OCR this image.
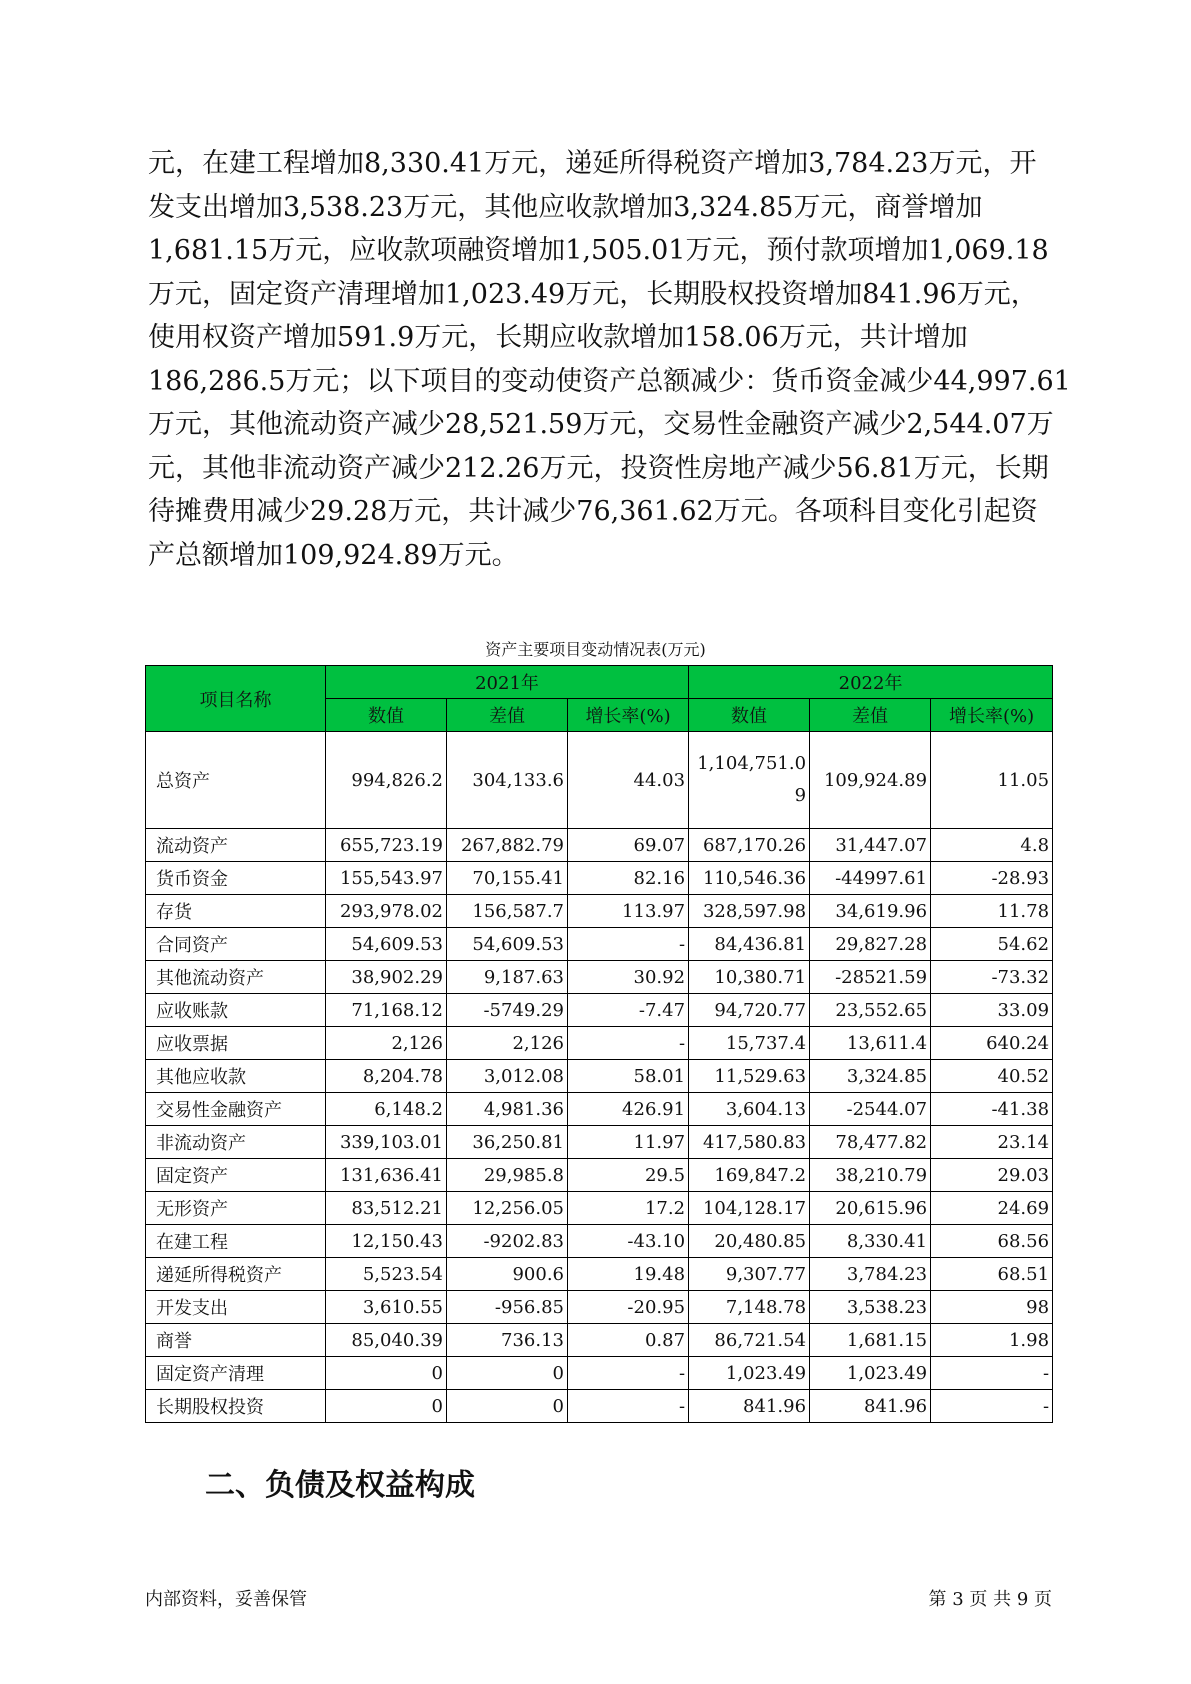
元，在建工程增加8,330.41万元，递延所得税资产增加3,784.23万元，开
发支出增加3,538.23万元，其他应收款增加3,324.85万元，商誉增加
1,681.15万元，应收款项融资增加1,505.01万元，预付款项增加1,069.18
万元，固定资产清理增加1,023.49万元，长期股权投资增加841.96万元，
使用权资产增加591.9万元，长期应收款增加158.06万元，共计增加
186,286.5万元；以下项目的变动使资产总额减少：货币资金减少44,997.61
万元，其他流动资产减少28,521.59万元，交易性金融资产减少2,544.07万
元，其他非流动资产减少212.26万元，投资性房地产减少56.81万元，长期
待摊费用减少29.28万元，共计减少76,361.62万元。各项科目变化引起资
产总额增加109,924.89万元。
资产主要项目变动情况表(万元)
项目名称	2021年			2022年		
	数值	差值	增长率(%)	数值	差值	增长率(%)
总资产	994,826.2	304,133.6	44.03	1,104,751.09	109,924.89	11.05
流动资产	655,723.19	267,882.79	69.07	687,170.26	31,447.07	4.8
货币资金	155,543.97	70,155.41	82.16	110,546.36	-44997.61	-28.93
存货	293,978.02	156,587.7	113.97	328,597.98	34,619.96	11.78
合同资产	54,609.53	54,609.53	-	84,436.81	29,827.28	54.62
其他流动资产	38,902.29	9,187.63	30.92	10,380.71	-28521.59	-73.32
应收账款	71,168.12	-5749.29	-7.47	94,720.77	23,552.65	33.09
应收票据	2,126	2,126	-	15,737.4	13,611.4	640.24
其他应收款	8,204.78	3,012.08	58.01	11,529.63	3,324.85	40.52
交易性金融资产	6,148.2	4,981.36	426.91	3,604.13	-2544.07	-41.38
非流动资产	339,103.01	36,250.81	11.97	417,580.83	78,477.82	23.14
固定资产	131,636.41	29,985.8	29.5	169,847.2	38,210.79	29.03
无形资产	83,512.21	12,256.05	17.2	104,128.17	20,615.96	24.69
在建工程	12,150.43	-9202.83	-43.10	20,480.85	8,330.41	68.56
递延所得税资产	5,523.54	900.6	19.48	9,307.77	3,784.23	68.51
开发支出	3,610.55	-956.85	-20.95	7,148.78	3,538.23	98
商誉	85,040.39	736.13	0.87	86,721.54	1,681.15	1.98
固定资产清理	0	0	-	1,023.49	1,023.49	-
长期股权投资	0	0	-	841.96	841.96	-
二、负债及权益构成
内部资料，妥善保管	第 3 页 共 9 页
